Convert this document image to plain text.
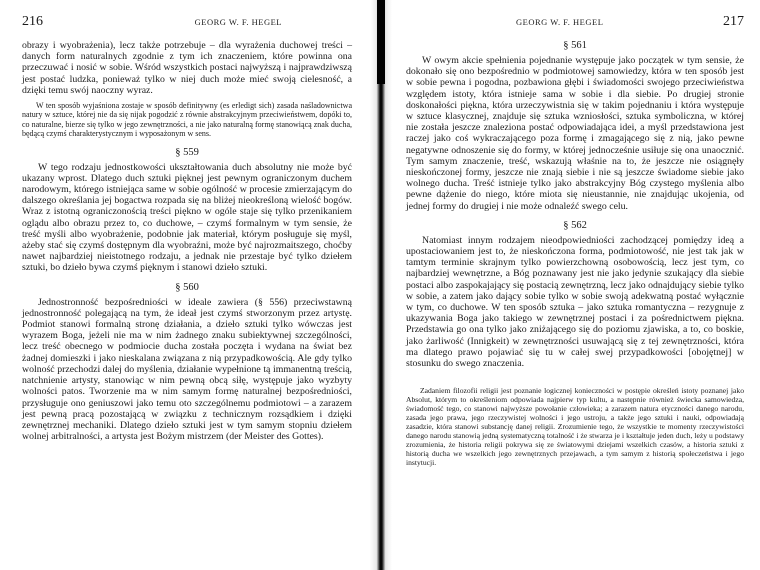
216	GEORG W. F. HEGEL

obrazy i wyobrażenia), lecz także potrzebuje – dla wyrażenia duchowej treści – danych form naturalnych zgodnie z tym ich znaczeniem, które powinna ona przeczuwać i nosić w sobie. Wśród wszystkich postaci najwyższą i najprawdziwszą jest postać ludzka, ponieważ tylko w niej duch może mieć swoją cielesność, a dzięki temu swój naoczny wyraz.

W ten sposób wyjaśniona zostaje w sposób definitywny (es erledigt sich) zasada naśladownictwa natury w sztuce, której nie da się nijak pogodzić z równie abstrakcyjnym przeciwieństwem, dopóki to, co naturalne, bierze się tylko w jego zewnętrzności, a nie jako naturalną formę stanowiącą znak ducha, będącą czymś charakterystycznym i wyposażonym w sens.

§ 559

W tego rodzaju jednostkowości ukształtowania duch absolutny nie może być ukazany wprost. Dlatego duch sztuki pięknej jest pewnym ograniczonym duchem narodowym, którego istniejąca same w sobie ogólność w procesie zmierzającym do dalszego określania jej bogactwa rozpada się na bliżej nieokreśloną wielość bogów. Wraz z istotną ograniczonością treści piękno w ogóle staje się tylko przenikaniem oglądu albo obrazu przez to, co duchowe, – czymś formalnym w tym sensie, że treść myśli albo wyobrażenie, podobnie jak materiał, którym posługuje się myśl, ażeby stać się czymś dostępnym dla wyobraźni, może być najrozmaitszego, choćby nawet najbardziej nieistotnego rodzaju, a jednak nie przestaje być tylko dziełem sztuki, bo dzieło bywa czymś pięknym i stanowi dzieło sztuki.

§ 560

Jednostronność bezpośredniości w ideale zawiera (§ 556) przeciwstawną jednostronność polegającą na tym, że ideał jest czymś stworzonym przez artystę. Podmiot stanowi formalną stronę działania, a dzieło sztuki tylko wówczas jest wyrazem Boga, jeżeli nie ma w nim żadnego znaku subiektywnej szczególności, lecz treść obecnego w podmiocie ducha została poczęta i wydana na świat bez żadnej domieszki i jako nieskalana związana z nią przypadkowością. Ale gdy tylko wolność przechodzi dalej do myślenia, działanie wypełnione tą immanentną treścią, natchnienie artysty, stanowiąc w nim pewną obcą siłę, występuje jako wyzbyty wolności patos. Tworzenie ma w nim samym formę naturalnej bezpośredniości, przysługuje ono geniuszowi jako temu oto szczególnemu podmiotowi – a zarazem jest pewną pracą pozostającą w związku z technicznym rozsądkiem i dzięki zewnętrznej mechaniki. Dlatego dzieło sztuki jest w tym samym stopniu dziełem wolnej arbitralności, a artysta jest Bożym mistrzem (der Meister des Gottes).

GEORG W. F. HEGEL	217
§ 561

W owym akcie spełnienia pojednanie występuje jako początek w tym sensie, że dokonało się ono bezpośrednio w podmiotowej samowiedzy, która w ten sposób jest w sobie pewna i pogodna, pozbawiona głębi i świadomości swojego przeciwieństwa względem istoty, która istnieje sama w sobie i dla siebie. Po drugiej stronie doskonałości piękna, która urzeczywistnia się w takim pojednaniu i która występuje w sztuce klasycznej, znajduje się sztuka wzniosłości, sztuka symboliczna, w której nie została jeszcze znaleziona postać odpowiadająca idei, a myśl przedstawiona jest raczej jako coś wykraczającego poza formę i zmagającego się z nią, jako pewne negatywne odnoszenie się do formy, w której jednocześnie usiłuje się ona unaocznić. Tym samym znaczenie, treść, wskazują właśnie na to, że jeszcze nie osiągnęły nieskończonej formy, jeszcze nie znają siebie i nie są jeszcze świadome siebie jako wolnego ducha. Treść istnieje tylko jako abstrakcyjny Bóg czystego myślenia albo pewne dążenie do niego, które miota się nieustannie, nie znajdując ukojenia, od jednej formy do drugiej i nie może odnaleźć swego celu.

§ 562

Natomiast innym rodzajem nieodpowiedniości zachodzącej pomiędzy ideą a upostaciowaniem jest to, że nieskończona forma, podmiotowość, nie jest tak jak w tamtym terminie skrajnym tylko powierzchowną osobowością, lecz jest tym, co najbardziej wewnętrzne, a Bóg poznawany jest nie jako jedynie szukający dla siebie postaci albo zaspokajający się postacią zewnętrzną, lecz jako odnajdujący siebie tylko w sobie, a zatem jako dający sobie tylko w sobie swoją adekwatną postać wyłącznie w tym, co duchowe. W ten sposób sztuka – jako sztuka romantyczna – rezygnuje z ukazywania Boga jako takiego w zewnętrznej postaci i za pośrednictwem piękna. Przedstawia go ona tylko jako zniżającego się do poziomu zjawiska, a to, co boskie, jako żarliwość (Innigkeit) w zewnętrzności usuwającą się z tej zewnętrzności, która ma dlatego prawo pojawiać się tu w całej swej przypadkowości [obojętnej] w stosunku do swego znaczenia.

Zadaniem filozofii religii jest poznanie logicznej konieczności w postępie określeń istoty poznanej jako Absolut, którym to określeniom odpowiada najpierw typ kultu, a następnie również świecka samowiedza, świadomość tego, co stanowi najwyższe powołanie człowieka; a zarazem natura etyczności danego narodu, zasada jego prawa, jego rzeczywistej wolności i jego ustroju, a także jego sztuki i nauki, odpowiadają zasadzie, która stanowi substancję danej religii. Zrozumienie tego, że wszystkie te momenty rzeczywistości danego narodu stanowią jedną systematyczną totalność i że stwarza je i kształtuje jeden duch, leży u podstawy zrozumienia, że historia religii pokrywa się ze światowymi dziejami wszelkich czasów, a historia sztuki z historią ducha we wszelkich jego zewnętrznych przejawach, a tym samym z historią społeczeństwa i jego instytucji.
